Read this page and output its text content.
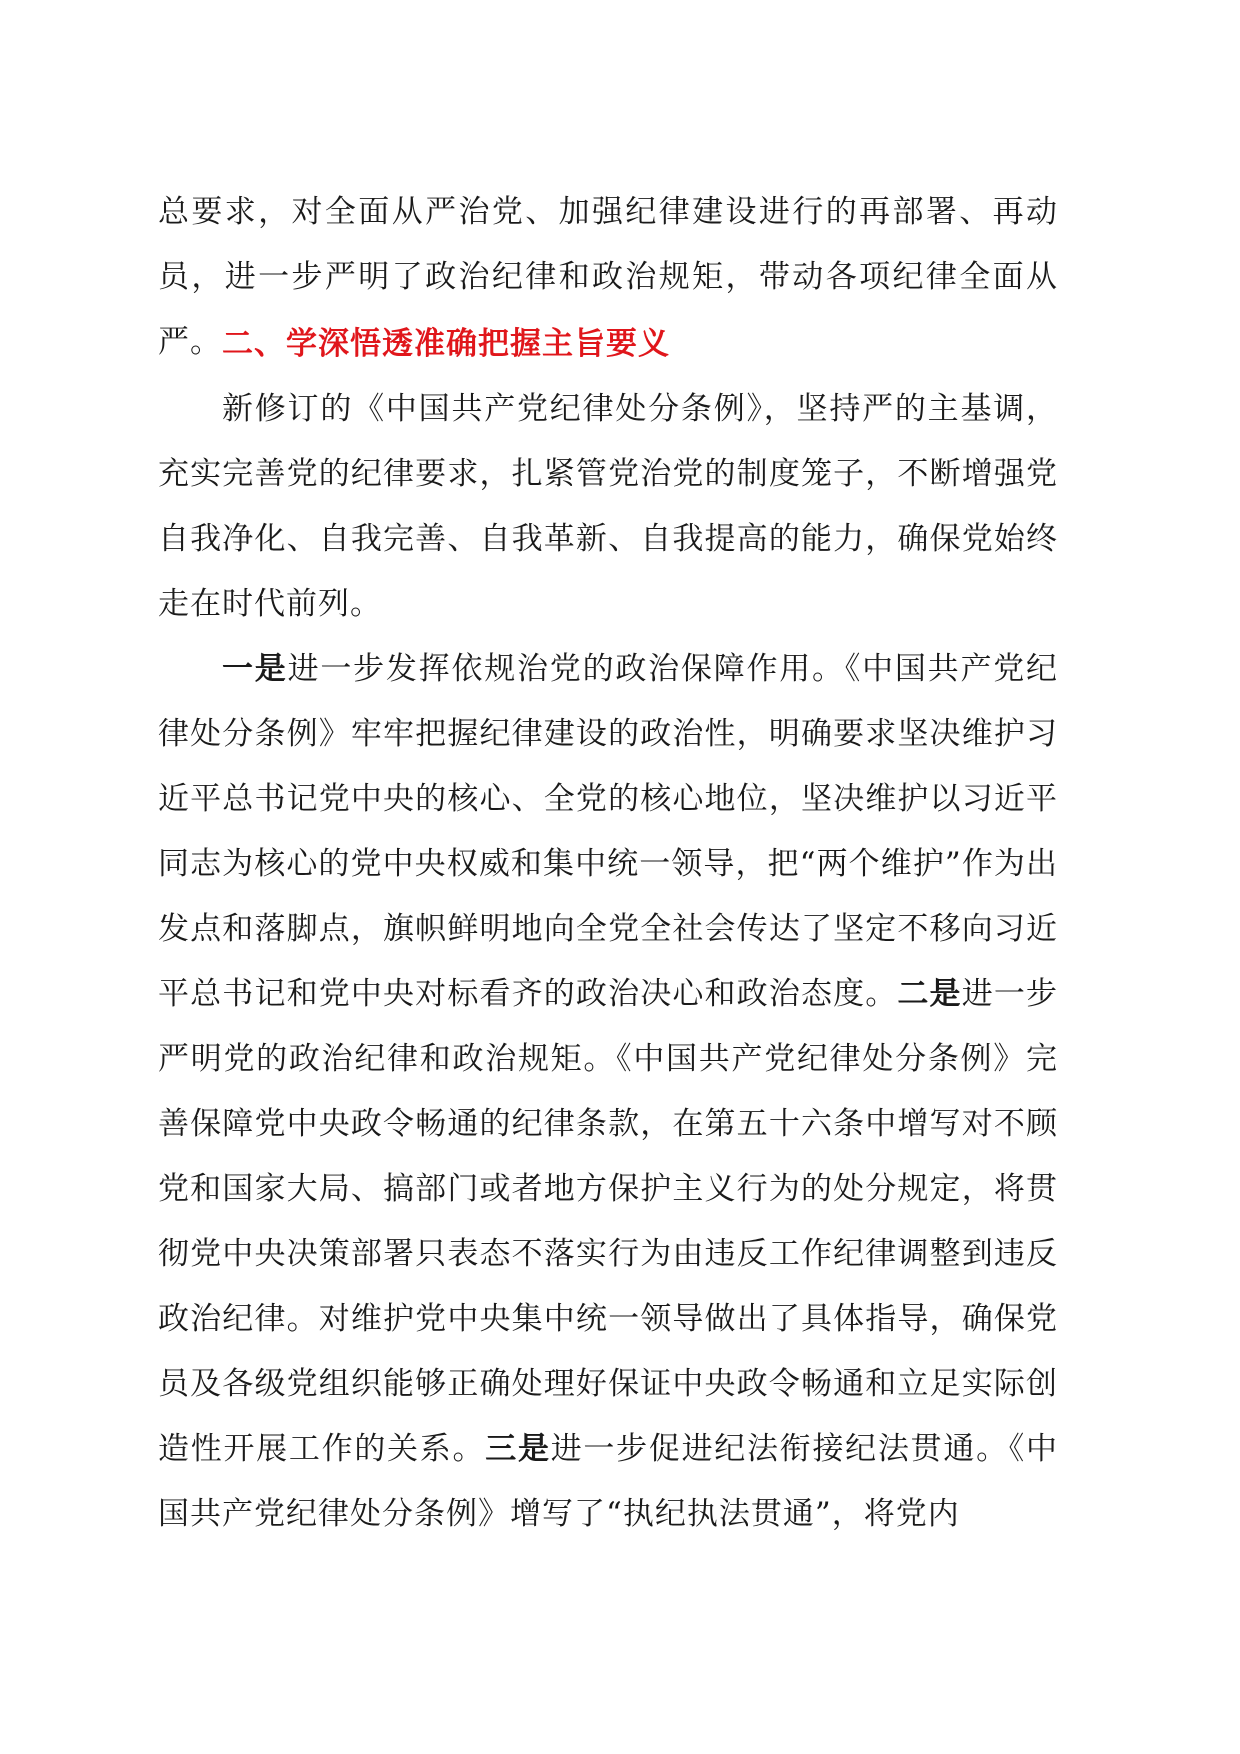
总要求，对全面从严治党、加强纪律建设进行的再部署、再动员，进一步严明了政治纪律和政治规矩，带动各项纪律全面从严。 二、学深悟透准确把握主旨要义

新修订的《中国共产党纪律处分条例》，坚持严的主基调，充实完善党的纪律要求，扎紧管党治党的制度笼子，不断增强党自我净化、自我完善、自我革新、自我提高的能力，确保党始终走在时代前列。

一是进一步发挥依规治党的政治保障作用。《中国共产党纪律处分条例》牢牢把握纪律建设的政治性，明确要求坚决维护习近平总书记党中央的核心、全党的核心地位，坚决维护以习近平同志为核心的党中央权威和集中统一领导，把“两个维护”作为出发点和落脚点，旗帜鲜明地向全党全社会传达了坚定不移向习近平总书记和党中央对标看齐的政治决心和政治态度。二是进一步严明党的政治纪律和政治规矩。《中国共产党纪律处分条例》完善保障党中央政令畅通的纪律条款，在第五十六条中增写对不顾党和国家大局、搞部门或者地方保护主义行为的处分规定，将贯彻党中央决策部署只表态不落实行为由违反工作纪律调整到违反政治纪律。对维护党中央集中统一领导做出了具体指导，确保党员及各级党组织能够正确处理好保证中央政令畅通和立足实际创造性开展工作的关系。三是进一步促进纪法衔接纪法贯通。《中国共产党纪律处分条例》增写了“执纪执法贯通”，将党内
